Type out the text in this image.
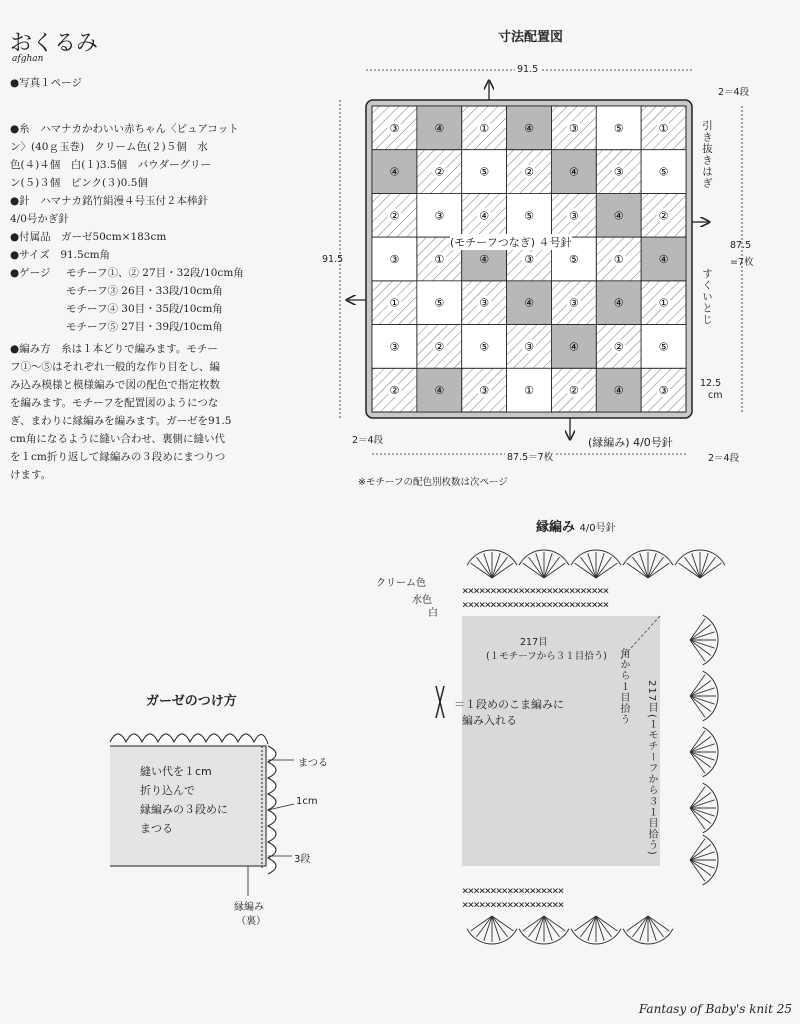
おくるみ
afghan
●写真１ページ
●糸　ハマナカかわいい赤ちゃん〈ピュアコット
ン〉(40ｇ玉巻)　クリーム色(２)５個　水
色(４)４個　白(１)3.5個　パウダーグリー
ン(５)３個　ピンク(３)0.5個
●針　ハマナカ銘竹絹漫４号玉付２本棒針
4/0号かぎ針
●付属品　ガーゼ50cm×183cm
●サイズ　91.5cm角
●ゲージ モチーフ①、② 27目・32段/10cm角
モチーフ③ 26目・33段/10cm角
モチーフ④ 30目・35段/10cm角
モチーフ⑤ 27目・39段/10cm角
●編み方　糸は１本どりで編みます。モチー
フ①～⑤はそれぞれ一般的な作り目をし、編
み込み模様と模様編みで図の配色で指定枚数
を編みます。モチーフを配置図のようにつな
ぎ、まわりに縁編みを編みます。ガーゼを91.5
cm角になるように縫い合わせ、裏側に縫い代
を１cm折り返して縁編みの３段めにまつりつ
けます。
寸法配置図
③	④	①	④	③	⑤	①
④	②	⑤	②	④	③	⑤
②	③	④	⑤	③	④	②
③	①	④	③	⑤	①	④
①	⑤	③	④	③	④	①
③	②	⑤	③	④	②	⑤
②	④	③	①	②	④	③
91.5
91.5
2＝4段
87.5
=7枚
2＝4段
2＝4段
87.5＝7枚
12.5
cm
引き抜きはぎ
すくいとじ
(モチーフつなぎ) ４号針
(縁編み) 4/0号針
※モチーフの配色別枚数は次ページ
縁編み 4/0号針
××××××××××××××××××××××××××
××××××××××××××××××××××××××
××××××××××××××××××
××××××××××××××××××
クリーム色
水色
白
217目
(１モチーフから３１目拾う) 角から１目拾う 217目
(１モチーフから３１目拾う)
＝１段めのこま編みに
編み入れる
ガーゼのつけ方
縫い代を１cm
折り込んで
縁編みの３段めに
まつる
まつる
1cm
3段
縁編み
（裏）
Fantasy of Baby's knit 25
